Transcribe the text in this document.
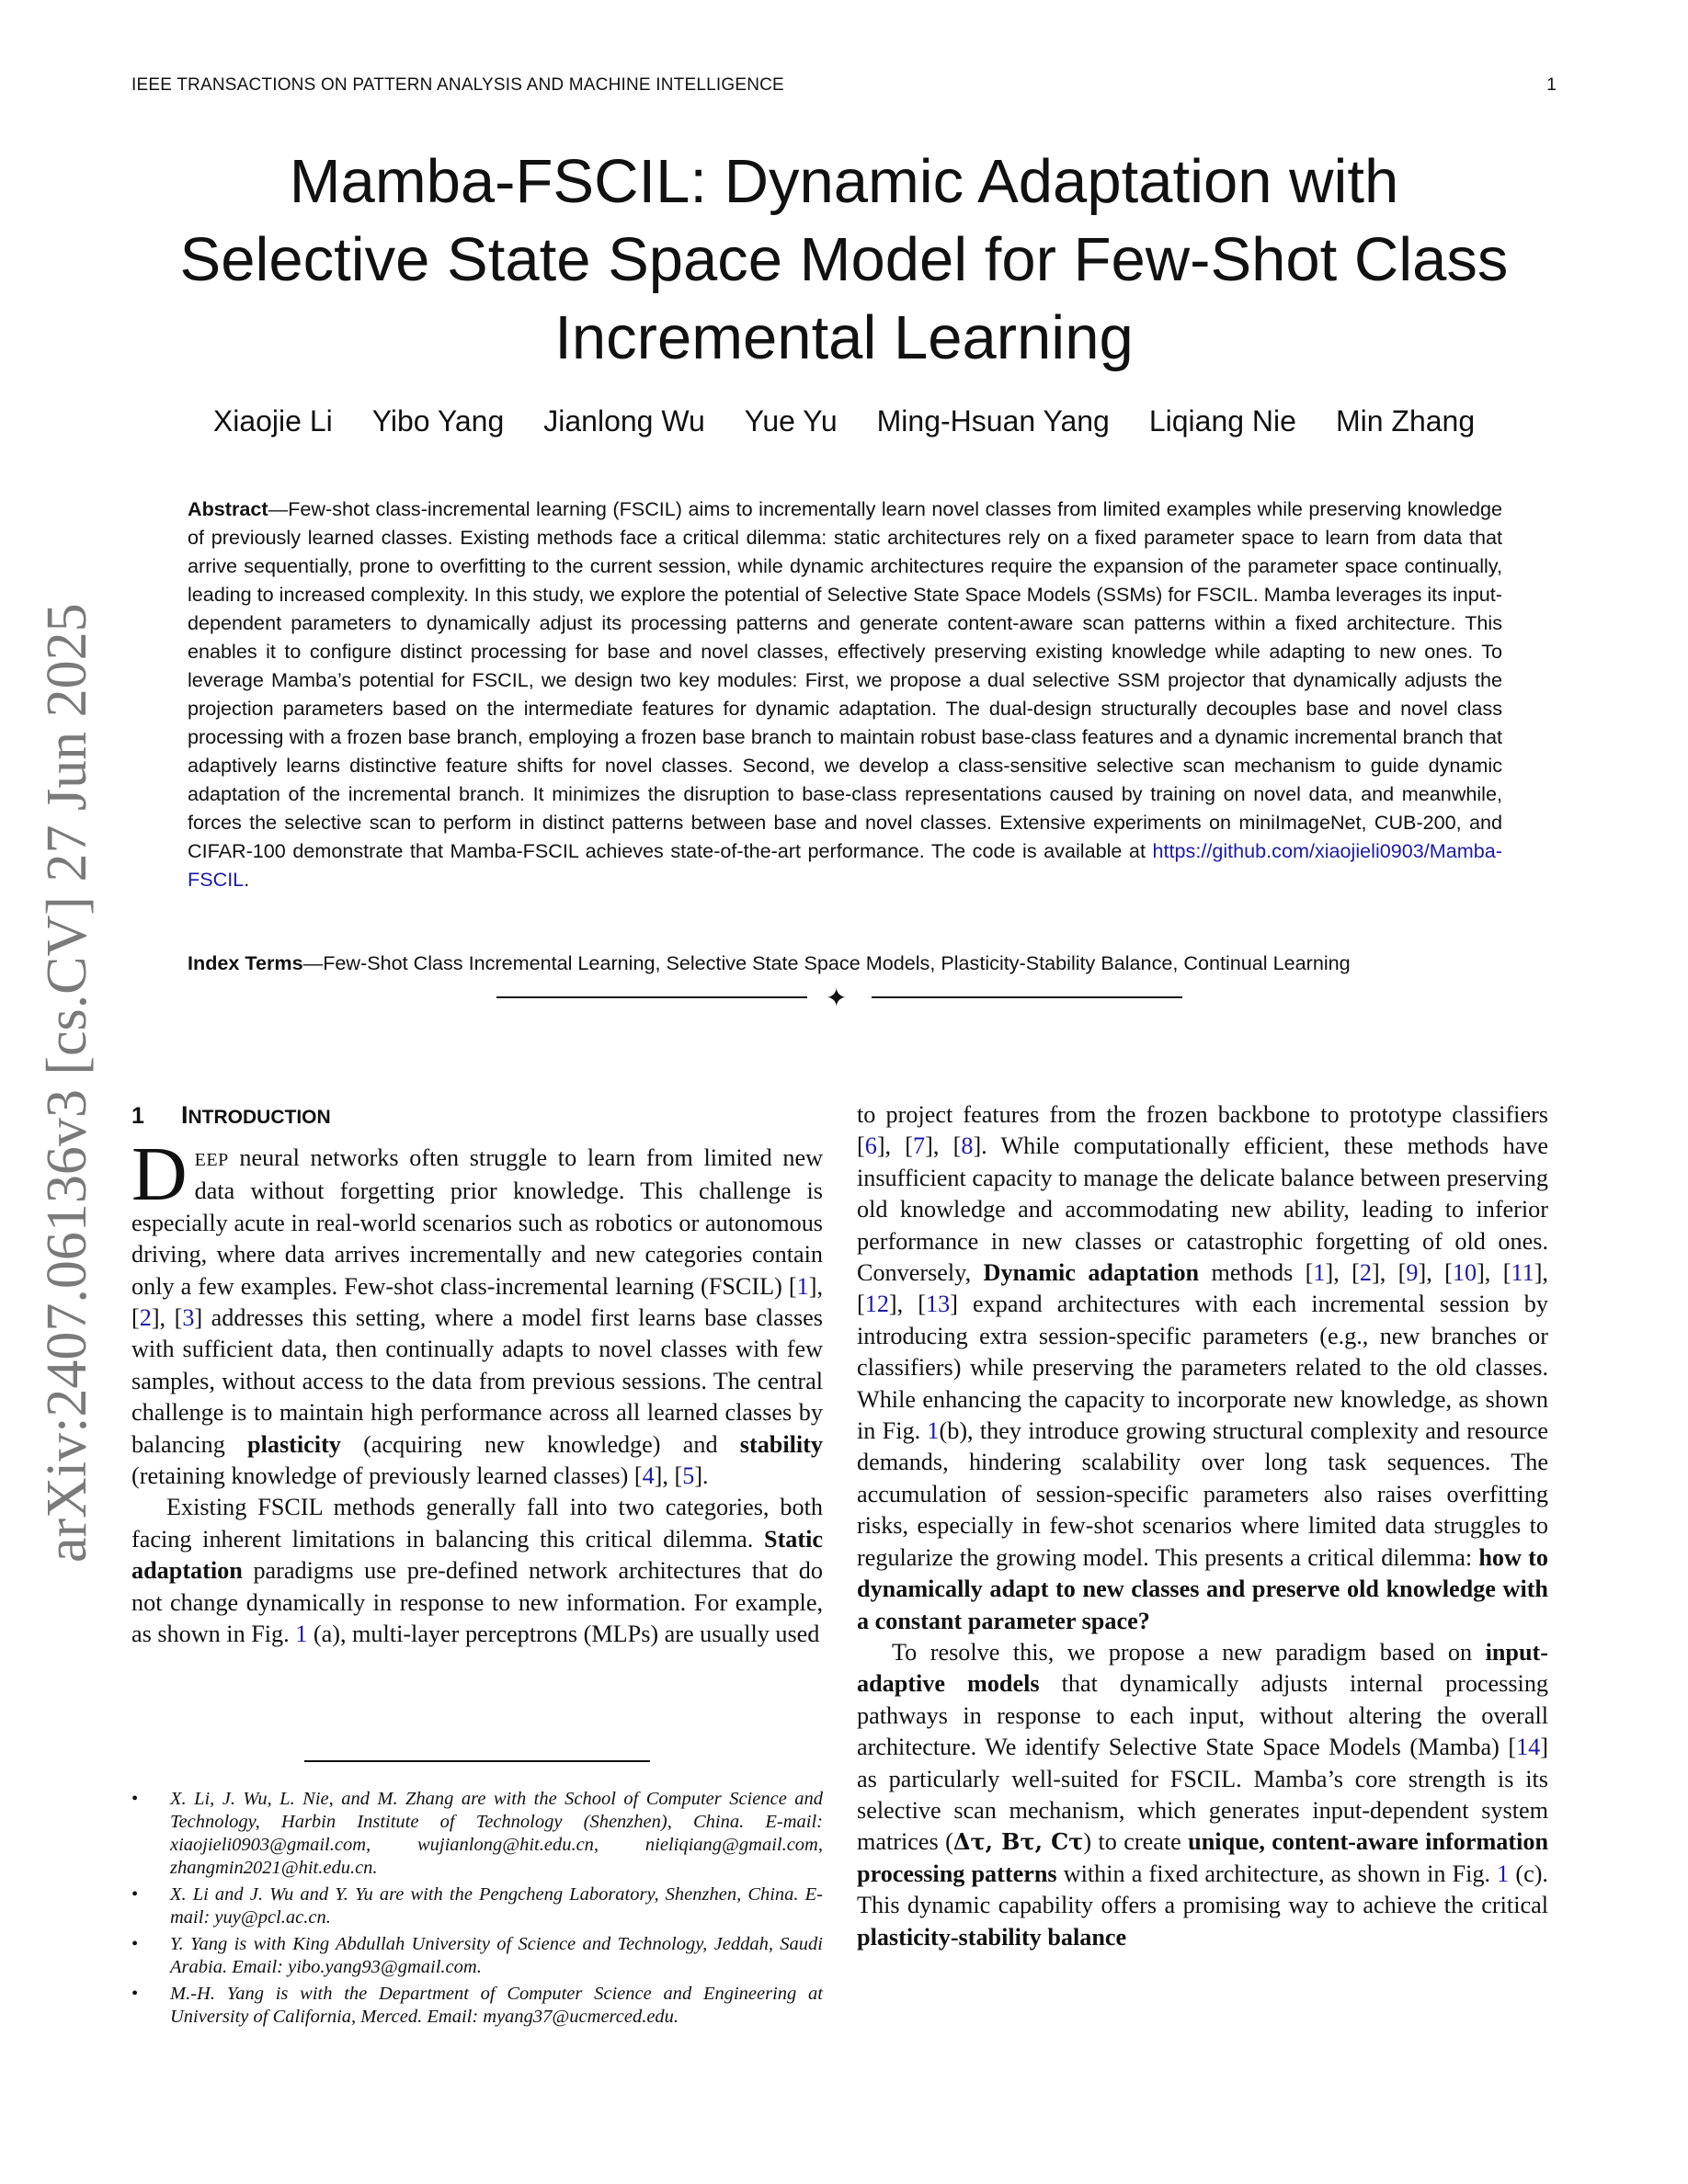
IEEE TRANSACTIONS ON PATTERN ANALYSIS AND MACHINE INTELLIGENCE	1
Mamba-FSCIL: Dynamic Adaptation with
Selective State Space Model for Few-Shot Class
Incremental Learning
Xiaojie Li Yibo Yang Jianlong Wu Yue Yu Ming-Hsuan Yang Liqiang Nie Min Zhang
Abstract—Few-shot class-incremental learning (FSCIL) aims to incrementally learn novel classes from limited examples while preserving knowledge of previously learned classes. Existing methods face a critical dilemma: static architectures rely on a fixed parameter space to learn from data that arrive sequentially, prone to overfitting to the current session, while dynamic architectures require the expansion of the parameter space continually, leading to increased complexity. In this study, we explore the potential of Selective State Space Models (SSMs) for FSCIL. Mamba leverages its input-dependent parameters to dynamically adjust its processing patterns and generate content-aware scan patterns within a fixed architecture. This enables it to configure distinct processing for base and novel classes, effectively preserving existing knowledge while adapting to new ones. To leverage Mamba’s potential for FSCIL, we design two key modules: First, we propose a dual selective SSM projector that dynamically adjusts the projection parameters based on the intermediate features for dynamic adaptation. The dual-design structurally decouples base and novel class processing with a frozen base branch, employing a frozen base branch to maintain robust base-class features and a dynamic incremental branch that adaptively learns distinctive feature shifts for novel classes. Second, we develop a class-sensitive selective scan mechanism to guide dynamic adaptation of the incremental branch. It minimizes the disruption to base-class representations caused by training on novel data, and meanwhile, forces the selective scan to perform in distinct patterns between base and novel classes. Extensive experiments on miniImageNet, CUB-200, and CIFAR-100 demonstrate that Mamba-FSCIL achieves state-of-the-art performance. The code is available at https://github.com/xiaojieli0903/Mamba-FSCIL.
Index Terms—Few-Shot Class Incremental Learning, Selective State Space Models, Plasticity-Stability Balance, Continual Learning
✦
arXiv:2407.06136v3 [cs.CV] 27 Jun 2025	1 INTRODUCTION

DEEP neural networks often struggle to learn from limited new data without forgetting prior knowledge. This challenge is especially acute in real-world scenarios such as robotics or autonomous driving, where data arrives incrementally and new categories contain only a few examples. Few-shot class-incremental learning (FSCIL) [1], [2], [3] addresses this setting, where a model first learns base classes with sufficient data, then continually adapts to novel classes with few samples, without access to the data from previous sessions. The central challenge is to maintain high performance across all learned classes by balancing plasticity (acquiring new knowledge) and stability (retaining knowledge of previously learned classes) [4], [5].

Existing FSCIL methods generally fall into two categories, both facing inherent limitations in balancing this critical dilemma. Static adaptation paradigms use pre-defined network architectures that do not change dynamically in response to new information. For example, as shown in Fig. 1 (a), multi-layer perceptrons (MLPs) are usually used

• X. Li, J. Wu, L. Nie, and M. Zhang are with the School of Computer Science and Technology, Harbin Institute of Technology (Shenzhen), China. E-mail: xiaojieli0903@gmail.com, wujianlong@hit.edu.cn, nieliqiang@gmail.com, zhangmin2021@hit.edu.cn.
• X. Li and J. Wu and Y. Yu are with the Pengcheng Laboratory, Shenzhen, China. E-mail: yuy@pcl.ac.cn.
• Y. Yang is with King Abdullah University of Science and Technology, Jeddah, Saudi Arabia. Email: yibo.yang93@gmail.com.
• M.-H. Yang is with the Department of Computer Science and Engineering at University of California, Merced. Email: myang37@ucmerced.edu.

to project features from the frozen backbone to prototype classifiers [6], [7], [8]. While computationally efficient, these methods have insufficient capacity to manage the delicate balance between preserving old knowledge and accommodating new ability, leading to inferior performance in new classes or catastrophic forgetting of old ones. Conversely, Dynamic adaptation methods [1], [2], [9], [10], [11], [12], [13] expand architectures with each incremental session by introducing extra session-specific parameters (e.g., new branches or classifiers) while preserving the parameters related to the old classes. While enhancing the capacity to incorporate new knowledge, as shown in Fig. 1(b), they introduce growing structural complexity and resource demands, hindering scalability over long task sequences. The accumulation of session-specific parameters also raises overfitting risks, especially in few-shot scenarios where limited data struggles to regularize the growing model. This presents a critical dilemma: how to dynamically adapt to new classes and preserve old knowledge with a constant parameter space?

To resolve this, we propose a new paradigm based on input-adaptive models that dynamically adjusts internal processing pathways in response to each input, without altering the overall architecture. We identify Selective State Space Models (Mamba) [14] as particularly well-suited for FSCIL. Mamba’s core strength is its selective scan mechanism, which generates input-dependent system matrices (𝚫τ, 𝐁τ, 𝐂τ) to create unique, content-aware information processing patterns within a fixed architecture, as shown in Fig. 1 (c). This dynamic capability offers a promising way to achieve the critical plasticity-stability balance
